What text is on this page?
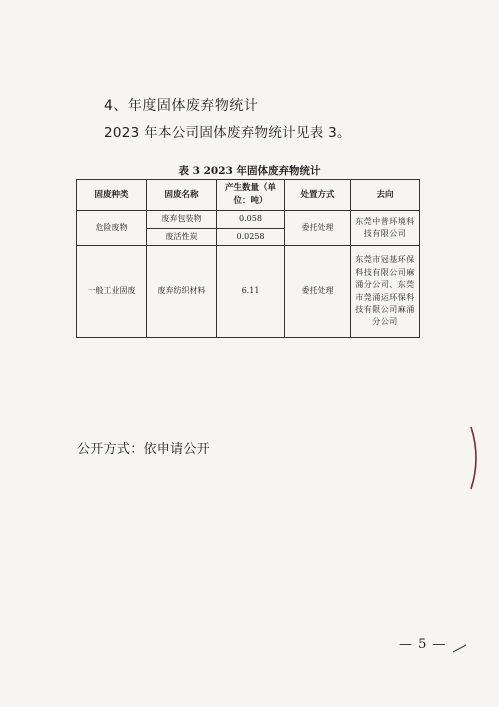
4、年度固体废弃物统计
2023 年本公司固体废弃物统计见表 3。
表 3 2023 年固体废弃物统计
固废种类	固废名称	产生数量（单位：吨）	处置方式	去向
危险废物	废弃包装物	0.058	委托处理	东莞中普环境科技有限公司
	废活性炭	0.0258		
一般工业固废	废弃纺织材料	6.11	委托处理	东莞市冠基环保科技有限公司麻涌分公司、东莞市莞涌运环保科技有限公司麻涌分公司
公开方式：依申请公开
— 5 —
